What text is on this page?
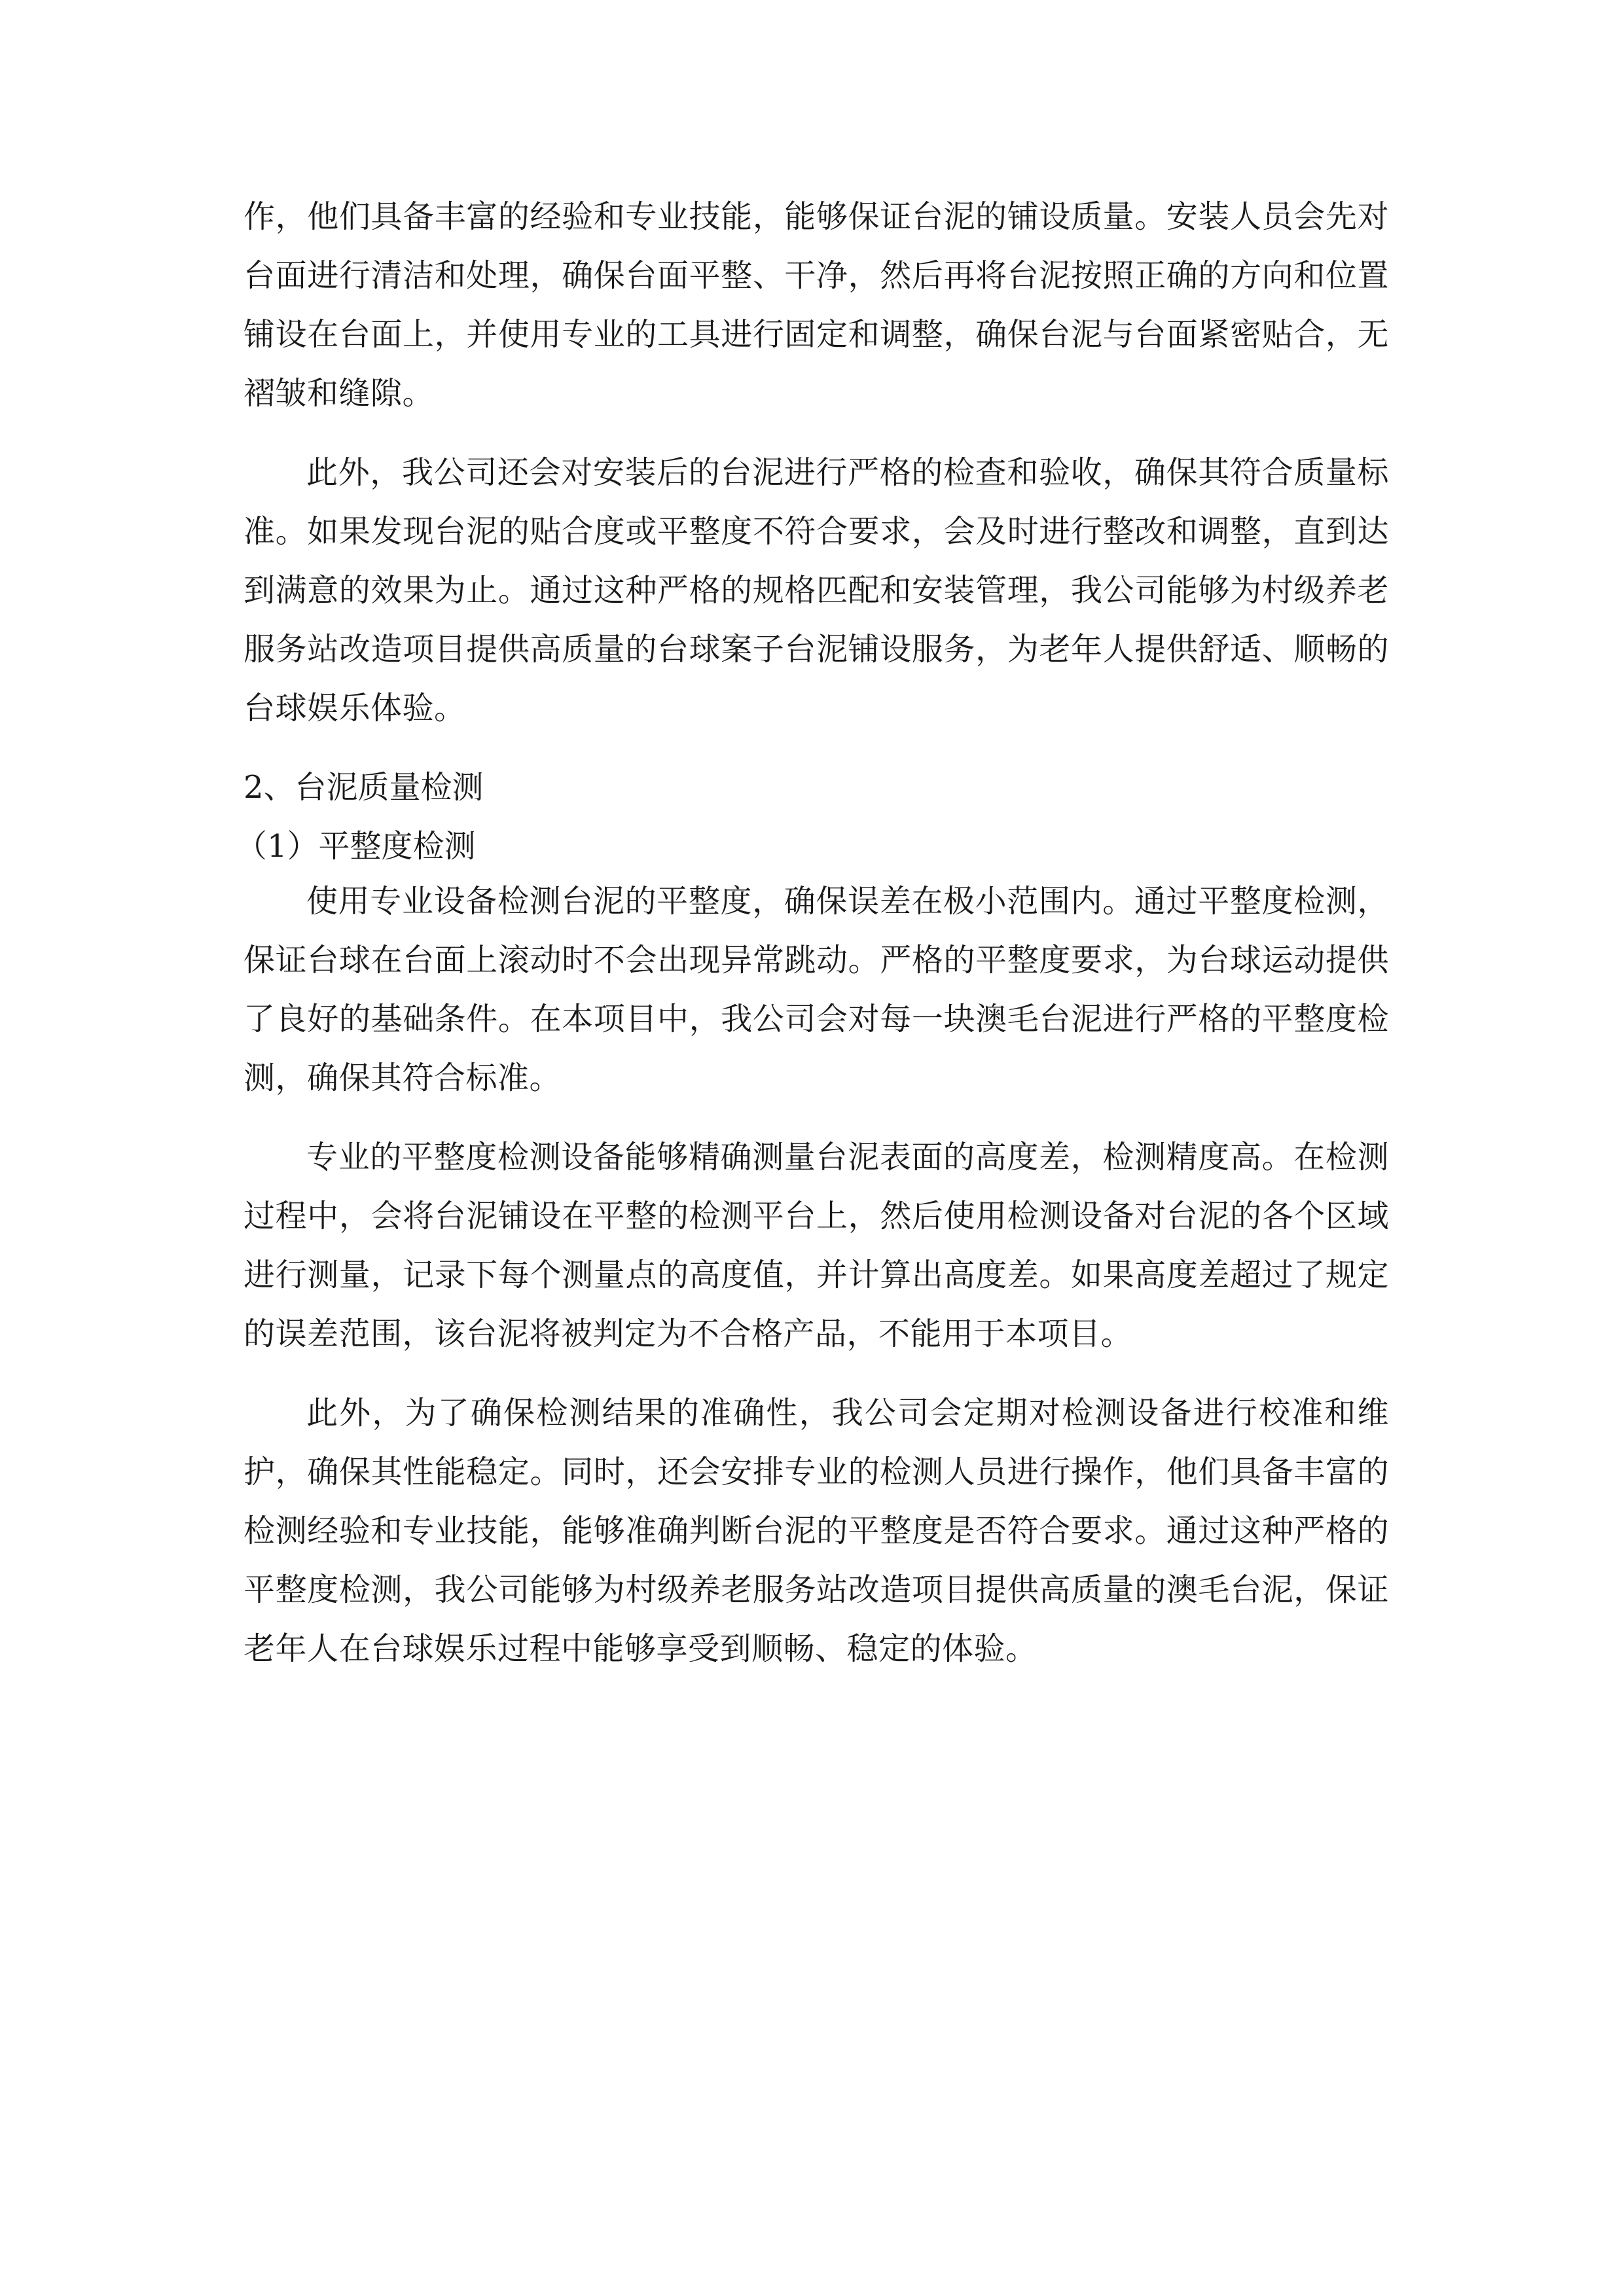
作，他们具备丰富的经验和专业技能，能够保证台泥的铺设质量。安装人员会先对台面进行清洁和处理，确保台面平整、干净，然后再将台泥按照正确的方向和位置铺设在台面上，并使用专业的工具进行固定和调整，确保台泥与台面紧密贴合，无褶皱和缝隙。

此外，我公司还会对安装后的台泥进行严格的检查和验收，确保其符合质量标准。如果发现台泥的贴合度或平整度不符合要求，会及时进行整改和调整，直到达到满意的效果为止。通过这种严格的规格匹配和安装管理，我公司能够为村级养老服务站改造项目提供高质量的台球案子台泥铺设服务，为老年人提供舒适、顺畅的台球娱乐体验。

2、台泥质量检测

（1）平整度检测

使用专业设备检测台泥的平整度，确保误差在极小范围内。通过平整度检测，保证台球在台面上滚动时不会出现异常跳动。严格的平整度要求，为台球运动提供了良好的基础条件。在本项目中，我公司会对每一块澳毛台泥进行严格的平整度检测，确保其符合标准。

专业的平整度检测设备能够精确测量台泥表面的高度差，检测精度高。在检测过程中，会将台泥铺设在平整的检测平台上，然后使用检测设备对台泥的各个区域进行测量，记录下每个测量点的高度值，并计算出高度差。如果高度差超过了规定的误差范围，该台泥将被判定为不合格产品，不能用于本项目。

此外，为了确保检测结果的准确性，我公司会定期对检测设备进行校准和维护，确保其性能稳定。同时，还会安排专业的检测人员进行操作，他们具备丰富的检测经验和专业技能，能够准确判断台泥的平整度是否符合要求。通过这种严格的平整度检测，我公司能够为村级养老服务站改造项目提供高质量的澳毛台泥，保证老年人在台球娱乐过程中能够享受到顺畅、稳定的体验。
